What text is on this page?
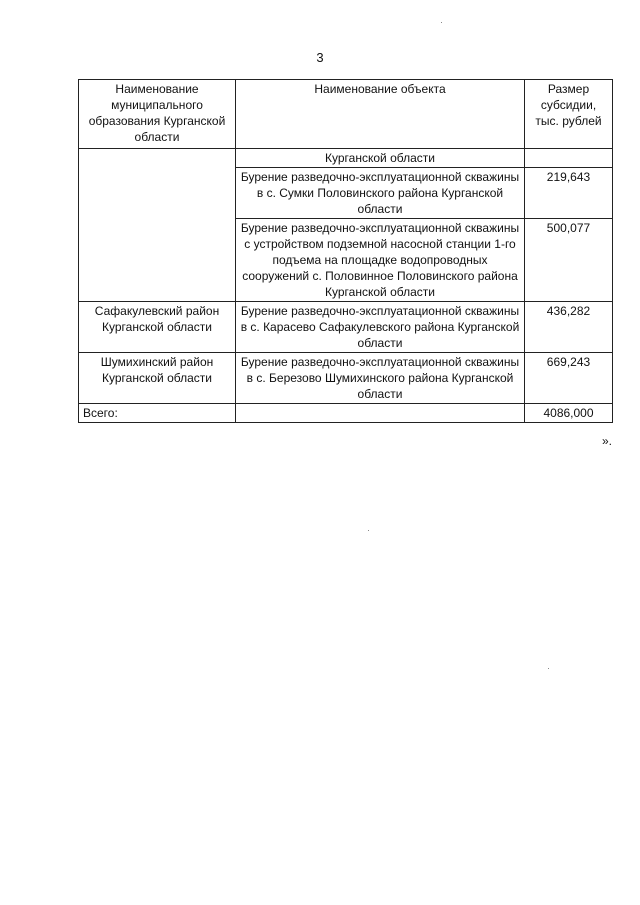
3
Наименование муниципального образования Курганской области	Наименование объекта	Размер субсидии, тыс. рублей
	Курганской области	
	Бурение разведочно-эксплуатационной скважины в с. Сумки Половинского района Курганской области	219,643
	Бурение разведочно-эксплуатационной скважины с устройством подземной насосной станции 1-го подъема на площадке водопроводных сооружений с. Половинное Половинского района Курганской области	500,077
Сафакулевский район Курганской области	Бурение разведочно-эксплуатационной скважины в с. Карасево Сафакулевского района Курганской области	436,282
Шумихинский район Курганской области	Бурение разведочно-эксплуатационной скважины в с. Березово Шумихинского района Курганской области	669,243
Всего:		4086,000
».
